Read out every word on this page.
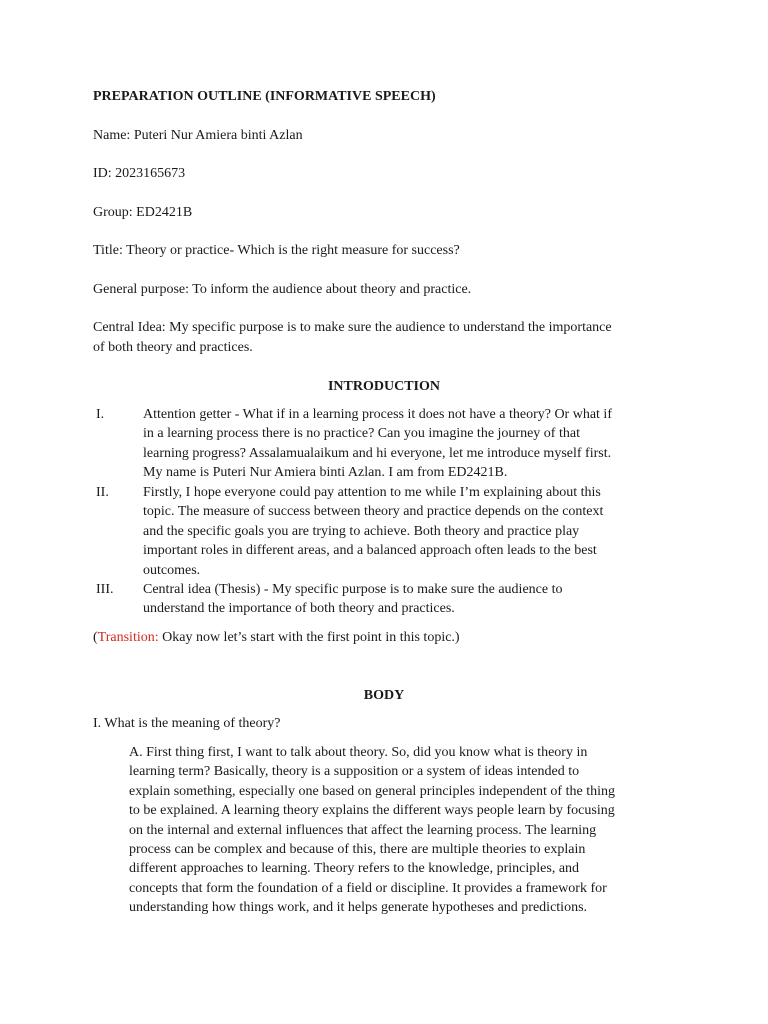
PREPARATION OUTLINE (INFORMATIVE SPEECH)
Name: Puteri Nur Amiera binti Azlan
ID: 2023165673
Group: ED2421B
Title: Theory or practice- Which is the right measure for success?
General purpose: To inform the audience about theory and practice.
Central Idea: My specific purpose is to make sure the audience to understand the importance
of both theory and practices.
INTRODUCTION
I.	Attention getter - What if in a learning process it does not have a theory? Or what if
in a learning process there is no practice? Can you imagine the journey of that
learning progress? Assalamualaikum and hi everyone, let me introduce myself first.
My name is Puteri Nur Amiera binti Azlan. I am from ED2421B.
II. Firstly, I hope everyone could pay attention to me while I’m explaining about this
topic. The measure of success between theory and practice depends on the context
and the specific goals you are trying to achieve. Both theory and practice play
important roles in different areas, and a balanced approach often leads to the best
outcomes.
III. Central idea (Thesis) - My specific purpose is to make sure the audience to
understand the importance of both theory and practices.
(Transition: Okay now let’s start with the first point in this topic.)
BODY
I. What is the meaning of theory?
A. First thing first, I want to talk about theory. So, did you know what is theory in
learning term? Basically, theory is a supposition or a system of ideas intended to
explain something, especially one based on general principles independent of the thing
to be explained. A learning theory explains the different ways people learn by focusing
on the internal and external influences that affect the learning process. The learning
process can be complex and because of this, there are multiple theories to explain
different approaches to learning. Theory refers to the knowledge, principles, and
concepts that form the foundation of a field or discipline. It provides a framework for
understanding how things work, and it helps generate hypotheses and predictions.
